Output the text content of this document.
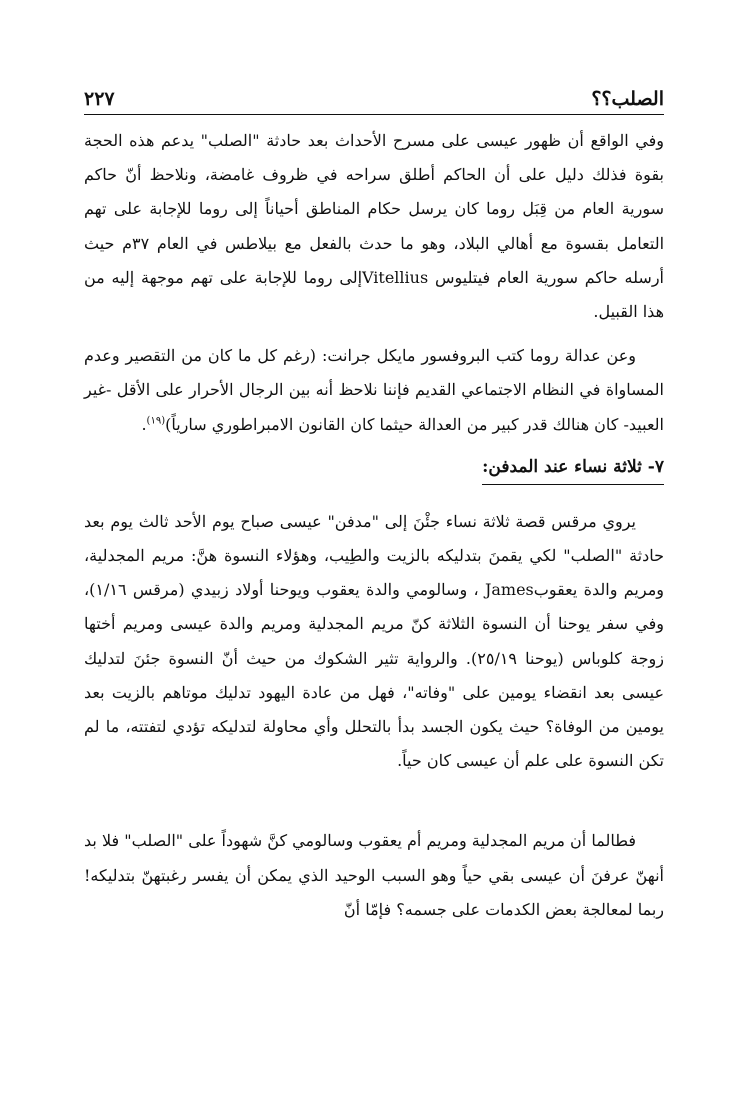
الصلب؟؟
٢٢٧

وفي الواقع أن ظهور عيسى على مسرح الأحداث بعد حادثة "الصلب" يدعم هذه الحجة بقوة فذلك دليل على أن الحاكم أطلق سراحه في ظروف غامضة، ونلاحظ أنّ حاكم سورية العام من قِبَل روما كان يرسل حكام المناطق أحياناً إلى روما للإجابة على تهم التعامل بقسوة مع أهالي البلاد، وهو ما حدث بالفعل مع بيلاطس في العام ٣٧م حيث أرسله حاكم سورية العام فيتليوس Vitelliusإلى روما للإجابة على تهم موجهة إليه من هذا القبيل.

وعن عدالة روما كتب البروفسور مايكل جرانت: (رغم كل ما كان من التقصير وعدم المساواة في النظام الاجتماعي القديم فإننا نلاحظ أنه بين الرجال الأحرار على الأقل -غير العبيد- كان هنالك قدر كبير من العدالة حيثما كان القانون الامبراطوري سارياً)$^{(١٩)}$.

٧- ثلاثة نساء عند المدفن:

يروي مرقس قصة ثلاثة نساء جئْنَ إلى "مدفن" عيسى صباح يوم الأحد ثالث يوم بعد حادثة "الصلب" لكي يقمنَ بتدليكه بالزيت والطِيب، وهؤلاء النسوة هنَّ: مريم المجدلية، ومريم والدة يعقوبJames ، وسالومي والدة يعقوب ويوحنا أولاد زبيدي (مرقس ١/١٦)، وفي سفر يوحنا أن النسوة الثلاثة كنّ مريم المجدلية ومريم والدة عيسى ومريم أختها زوجة كلوباس (يوحنا ٢٥/١٩). والرواية تثير الشكوك من حيث أنّ النسوة جئنَ لتدليك عيسى بعد انقضاء يومين على "وفاته"، فهل من عادة اليهود تدليك موتاهم بالزيت بعد يومين من الوفاة؟ حيث يكون الجسد بدأ بالتحلل وأي محاولة لتدليكه تؤدي لتفتته، ما لم تكن النسوة على علم أن عيسى كان حياً.

فطالما أن مريم المجدلية ومريم أم يعقوب وسالومي كنَّ شهوداً على "الصلب" فلا بد أنهنّ عرفنَ أن عيسى بقي حياً وهو السبب الوحيد الذي يمكن أن يفسر رغبتهنّ بتدليكه! ربما لمعالجة بعض الكدمات على جسمه؟ فإمّا أنّ
